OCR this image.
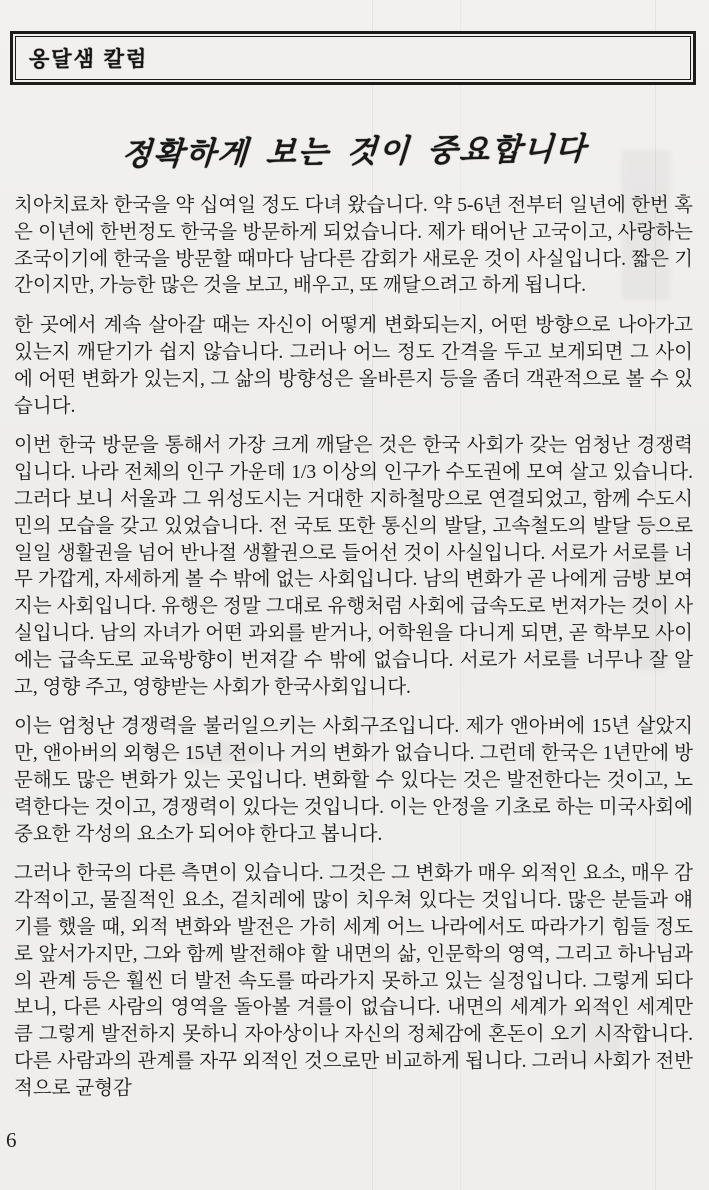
옹달샘 칼럼
정확하게 보는 것이 중요합니다

치아치료차 한국을 약 십여일 정도 다녀 왔습니다. 약 5-6년 전부터 일년에 한번 혹은 이년에 한번정도 한국을 방문하게 되었습니다. 제가 태어난 고국이고, 사랑하는 조국이기에 한국을 방문할 때마다 남다른 감회가 새로운 것이 사실입니다. 짧은 기간이지만, 가능한 많은 것을 보고, 배우고, 또 깨달으려고 하게 됩니다.

한 곳에서 계속 살아갈 때는 자신이 어떻게 변화되는지, 어떤 방향으로 나아가고 있는지 깨닫기가 쉽지 않습니다. 그러나 어느 정도 간격을 두고 보게되면 그 사이에 어떤 변화가 있는지, 그 삶의 방향성은 올바른지 등을 좀더 객관적으로 볼 수 있습니다.

이번 한국 방문을 통해서 가장 크게 깨달은 것은 한국 사회가 갖는 엄청난 경쟁력입니다. 나라 전체의 인구 가운데 1/3 이상의 인구가 수도권에 모여 살고 있습니다. 그러다 보니 서울과 그 위성도시는 거대한 지하철망으로 연결되었고, 함께 수도시민의 모습을 갖고 있었습니다. 전 국토 또한 통신의 발달, 고속철도의 발달 등으로 일일 생활권을 넘어 반나절 생활권으로 들어선 것이 사실입니다. 서로가 서로를 너무 가깝게, 자세하게 볼 수 밖에 없는 사회입니다. 남의 변화가 곧 나에게 금방 보여지는 사회입니다. 유행은 정말 그대로 유행처럼 사회에 급속도로 번져가는 것이 사실입니다. 남의 자녀가 어떤 과외를 받거나, 어학원을 다니게 되면, 곧 학부모 사이에는 급속도로 교육방향이 번져갈 수 밖에 없습니다. 서로가 서로를 너무나 잘 알고, 영향 주고, 영향받는 사회가 한국사회입니다.

이는 엄청난 경쟁력을 불러일으키는 사회구조입니다. 제가 앤아버에 15년 살았지만, 앤아버의 외형은 15년 전이나 거의 변화가 없습니다. 그런데 한국은 1년만에 방문해도 많은 변화가 있는 곳입니다. 변화할 수 있다는 것은 발전한다는 것이고, 노력한다는 것이고, 경쟁력이 있다는 것입니다. 이는 안정을 기초로 하는 미국사회에 중요한 각성의 요소가 되어야 한다고 봅니다.

그러나 한국의 다른 측면이 있습니다. 그것은 그 변화가 매우 외적인 요소, 매우 감각적이고, 물질적인 요소, 겉치레에 많이 치우쳐 있다는 것입니다. 많은 분들과 얘기를 했을 때, 외적 변화와 발전은 가히 세계 어느 나라에서도 따라가기 힘들 정도로 앞서가지만, 그와 함께 발전해야 할 내면의 삶, 인문학의 영역, 그리고 하나님과의 관계 등은 훨씬 더 발전 속도를 따라가지 못하고 있는 실정입니다. 그렇게 되다 보니, 다른 사람의 영역을 돌아볼 겨를이 없습니다. 내면의 세계가 외적인 세계만큼 그렇게 발전하지 못하니 자아상이나 자신의 정체감에 혼돈이 오기 시작합니다. 다른 사람과의 관계를 자꾸 외적인 것으로만 비교하게 됩니다. 그러니 사회가 전반적으로 균형감

6
